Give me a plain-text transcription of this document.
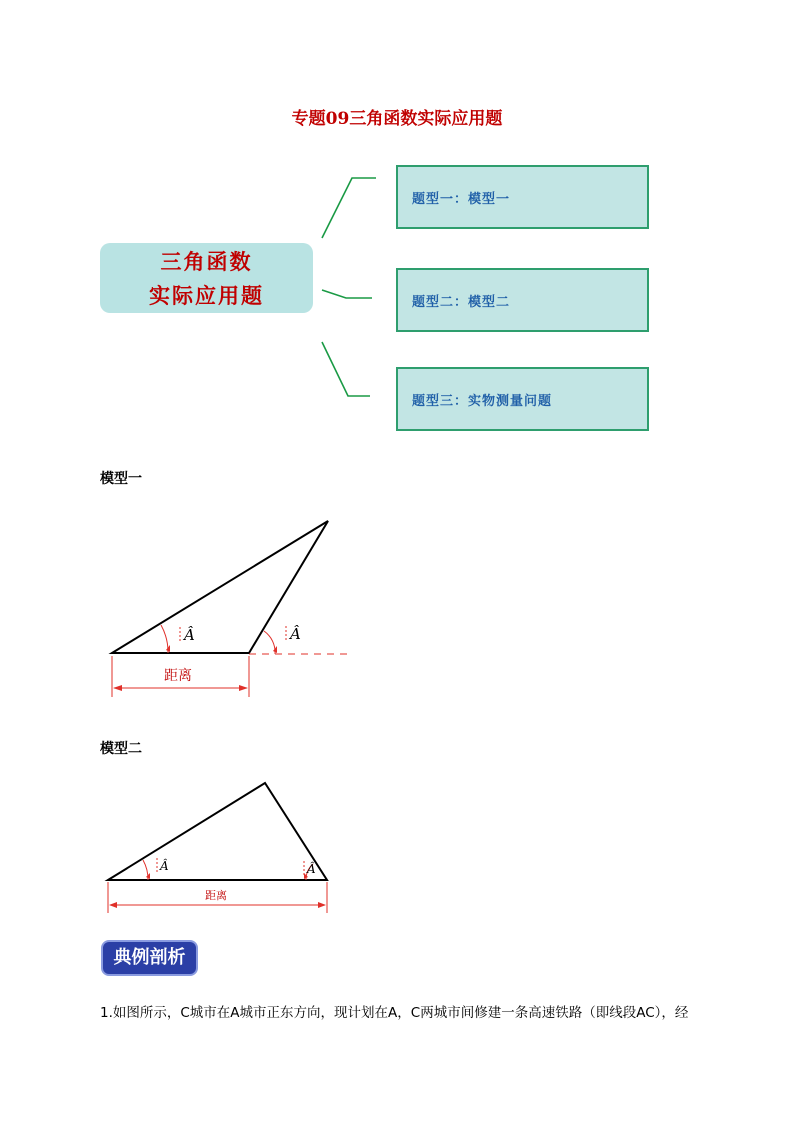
专题09三角函数实际应用题
三角函数
实际应用题
题型一：模型一
题型二：模型二
题型三：实物测量问题
模型一
Â	Â
距离
模型二
Â	Â
距离
典例剖析
1.如图所示，C城市在A城市正东方向，现计划在A，C两城市间修建一条高速铁路（即线段AC），经
